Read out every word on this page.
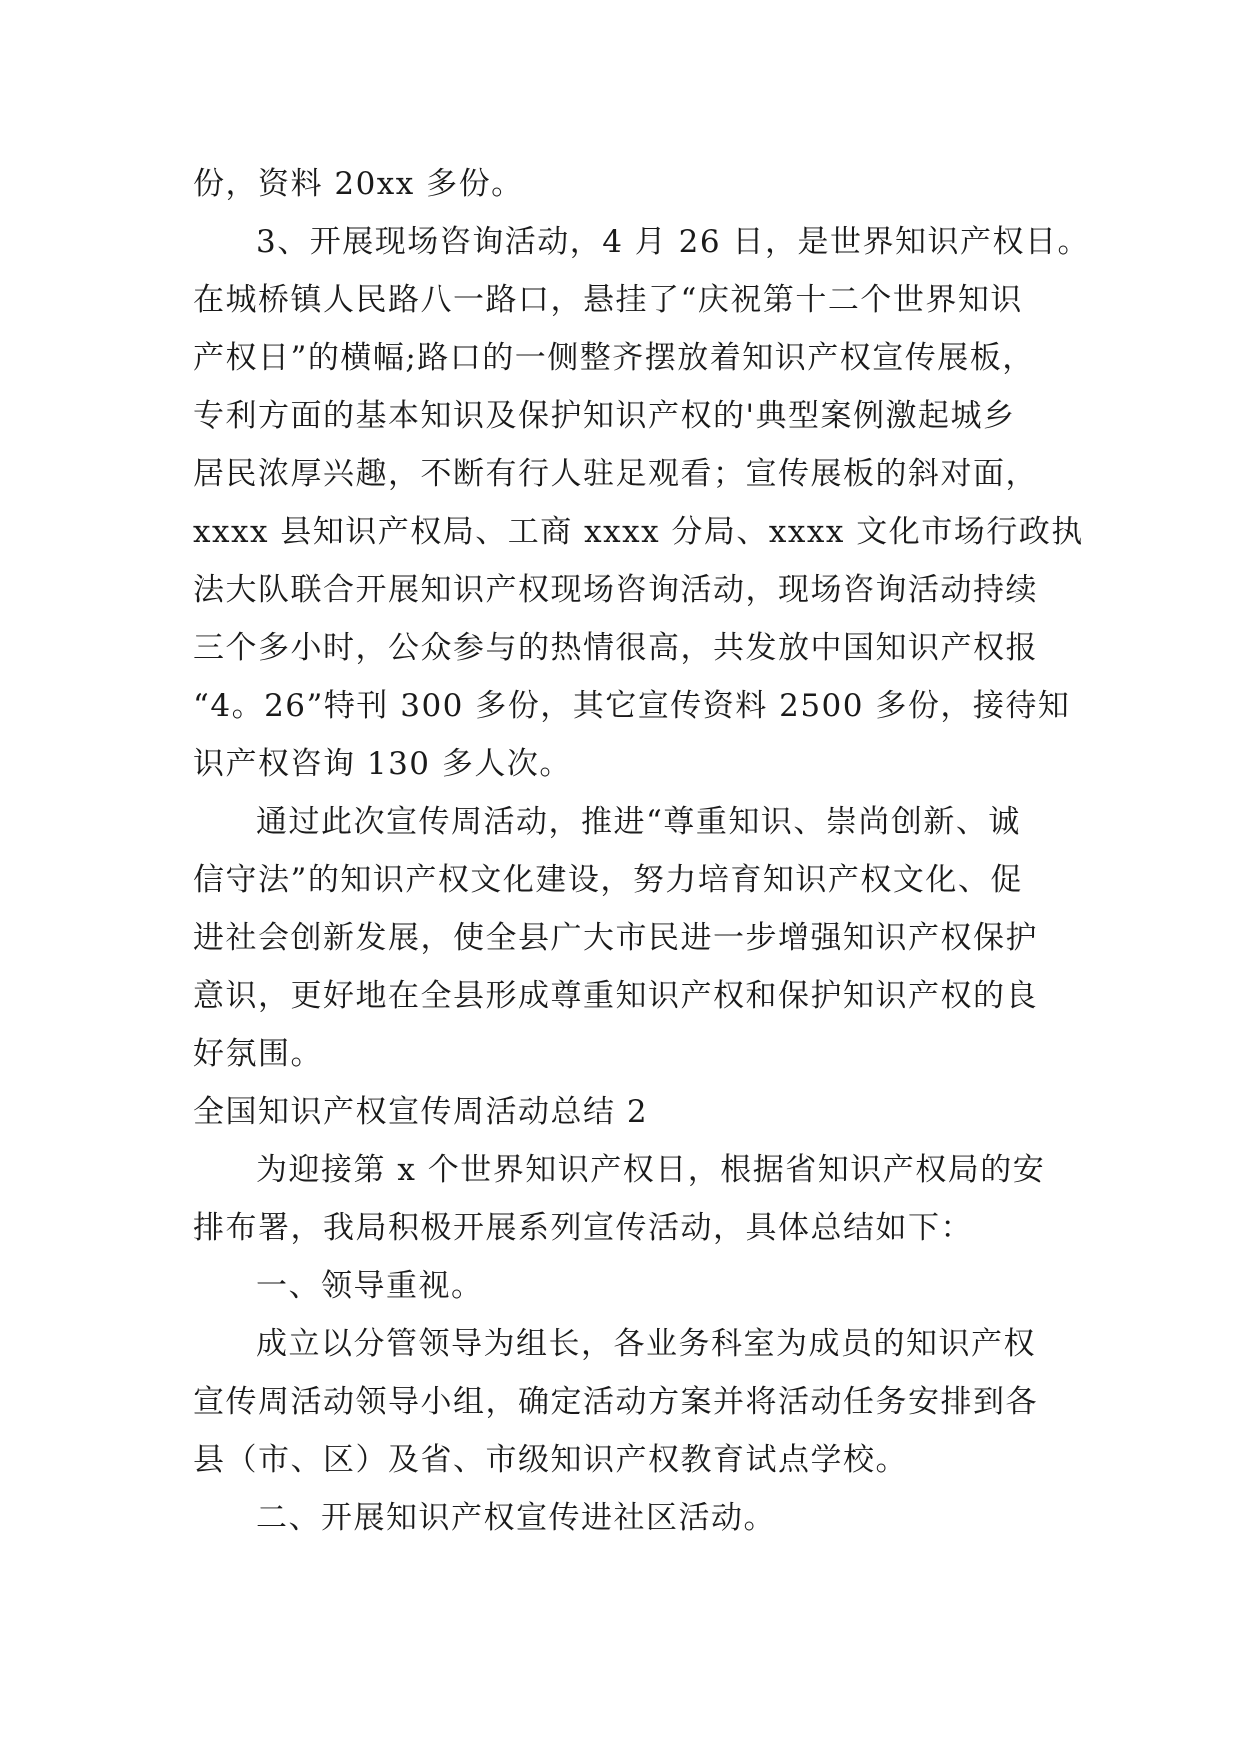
份，资料 20xx 多份。
3、开展现场咨询活动，4 月 26 日，是世界知识产权日。
在城桥镇人民路八一路口，悬挂了“庆祝第十二个世界知识
产权日”的横幅;路口的一侧整齐摆放着知识产权宣传展板，
专利方面的基本知识及保护知识产权的'典型案例激起城乡
居民浓厚兴趣，不断有行人驻足观看；宣传展板的斜对面，
xxxx 县知识产权局、工商 xxxx 分局、xxxx 文化市场行政执
法大队联合开展知识产权现场咨询活动，现场咨询活动持续
三个多小时，公众参与的热情很高，共发放中国知识产权报
“4。26”特刊 300 多份，其它宣传资料 2500 多份，接待知
识产权咨询 130 多人次。
通过此次宣传周活动，推进“尊重知识、崇尚创新、诚
信守法”的知识产权文化建设，努力培育知识产权文化、促
进社会创新发展，使全县广大市民进一步增强知识产权保护
意识，更好地在全县形成尊重知识产权和保护知识产权的良
好氛围。
全国知识产权宣传周活动总结 2
为迎接第 x 个世界知识产权日，根据省知识产权局的安
排布署，我局积极开展系列宣传活动，具体总结如下：
一、领导重视。
成立以分管领导为组长，各业务科室为成员的知识产权
宣传周活动领导小组，确定活动方案并将活动任务安排到各
县（市、区）及省、市级知识产权教育试点学校。
二、开展知识产权宣传进社区活动。
